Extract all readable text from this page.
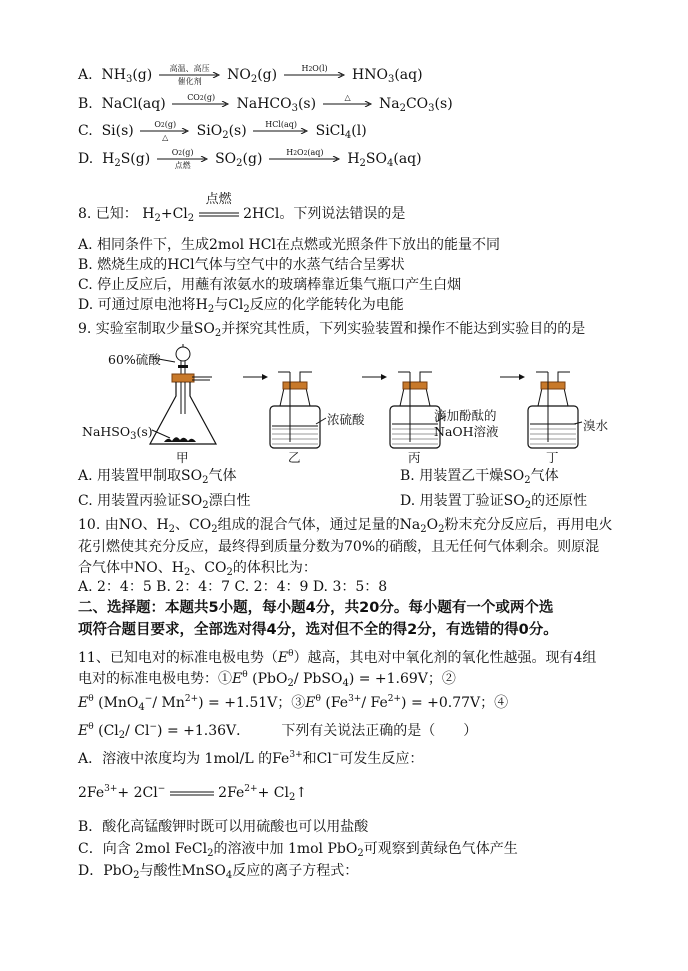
A. $NH_3(g)$	高温、高压
催化剂	$NO_2(g)$	H2O(l)	$HNO_3(aq)$
B. NaCl(aq)	CO2(g)	NaHCO$_3$(s)	△	$Na_2CO_3(s)$
C. Si(s)	O2(g)
△	SiO$_2$(s)	HCl(aq)	SiCl$_4$(l)
D. $H_2S(g)$	O2(g)
点燃	$SO_2(g)$	H2O2(aq)	$H_2SO_4(aq)$
8. 已知： $H_2+Cl_2$
点燃
2HCl。下列说法错误的是
A. 相同条件下，生成2mol HCl在点燃或光照条件下放出的能量不同
B. 燃烧生成的HCl气体与空气中的水蒸气结合呈雾状
C. 停止反应后，用蘸有浓氨水的玻璃棒靠近集气瓶口产生白烟
D. 可通过原电池将$H_2$与$Cl_2$反应的化学能转化为电能
9. 实验室制取少量$SO_2$并探究其性质，下列实验装置和操作不能达到实验目的的是
60%硫酸
NaHSO$_3$(s)
浓硫酸	滴加酚酞的
NaOH溶液	溴水
甲	乙	丙	丁
A. 用装置甲制取$SO_2$气体	B. 用装置乙干燥$SO_2$气体
C. 用装置丙验证$SO_2$漂白性	D. 用装置丁验证$SO_2$的还原性
10. 由NO、$H_2$、$CO_2$组成的混合气体，通过足量的$Na_2O_2$粉末充分反应后，再用电火
花引燃使其充分反应，最终得到质量分数为70%的硝酸，且无任何气体剩余。则原混
合气体中NO、$H_2$、$CO_2$的体积比为：
A. 2：4：5 B. 2：4：7 C. 2：4：9 D. 3：5：8
二、选择题：本题共5小题，每小题4分，共20分。每小题有一个或两个选
项符合题目要求，全部选对得4分，选对但不全的得2分，有选错的得0分。
11、已知电对的标准电极电势$(E^\theta)$越高，其电对中氧化剂的氧化性越强。现有4组
电对的标准电极电势：$①E^\theta$ (PbO$_2$/ PbSO$_4$) = +1.69V；②
$E^\theta$ (MnO$_4$−/ $Mn^{2+}) = +1.51V$；$③E^\theta$ ($Fe^{3+}/$ $Fe^{2+}) = +0.77V$；④
$E^\theta$ ($Cl_2/$ Cl−) = +1.36V． 下列有关说法正确的是（　　）
A．溶液中浓度均为 1mol/L 的$Fe^{3+}$和Cl−可发生反应：
$2Fe^{3+}+ 2Cl^-$	$2Fe^{2+}+$ $Cl_2↑$
B．酸化高锰酸钾时既可以用硫酸也可以用盐酸
C．向含 2mol FeCl$_2$的溶液中加 1mol PbO$_2$可观察到黄绿色气体产生
D．PbO$_2$与酸性MnSO$_4$反应的离子方程式：
